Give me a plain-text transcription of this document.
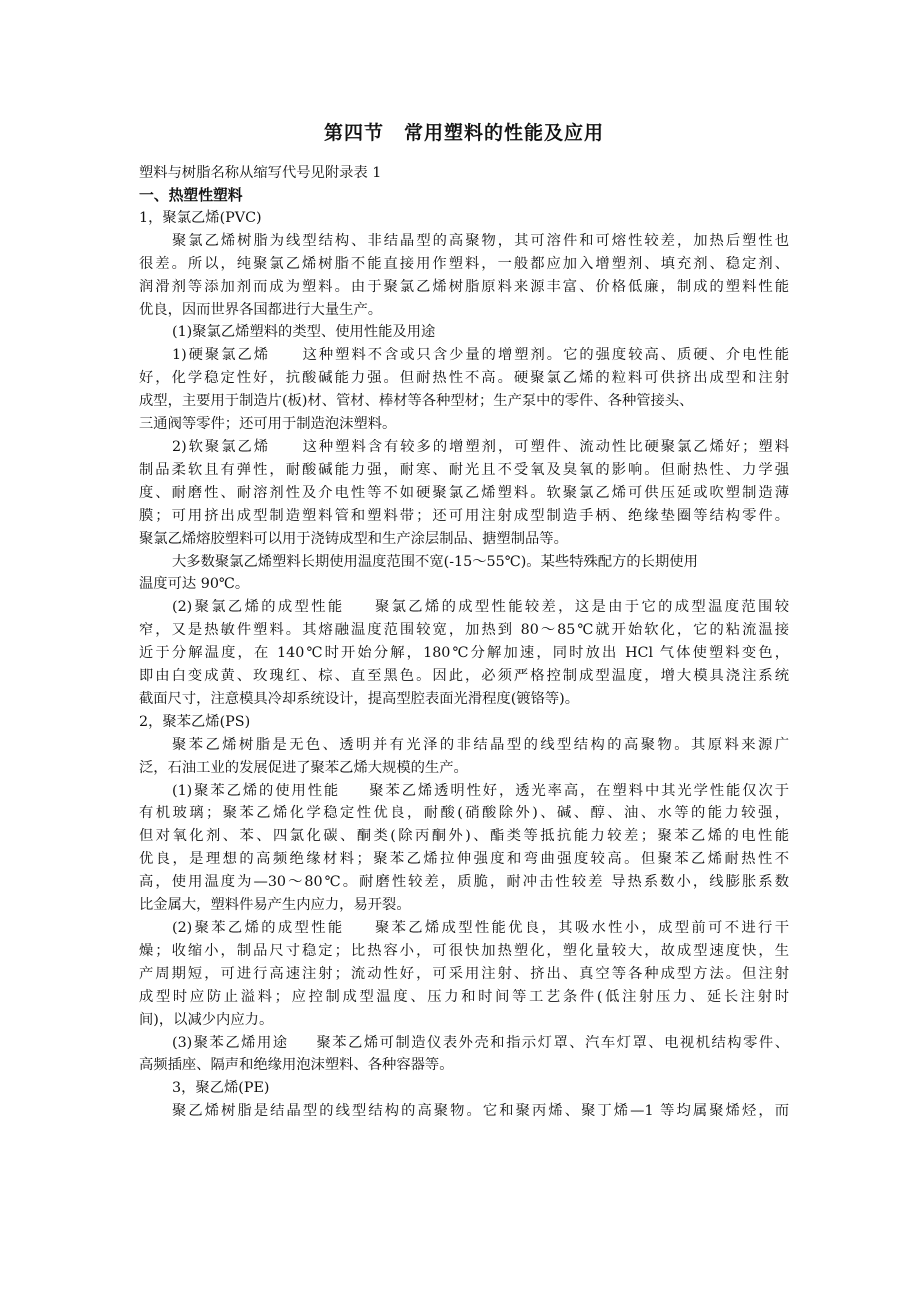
第四节　常用塑料的性能及应用

塑料与树脂名称从缩写代号见附录表 1

一、热塑性塑料

1，聚氯乙烯(PVC)

聚氯乙烯树脂为线型结构、非结晶型的高聚物，其可溶件和可熔性较差，加热后塑性也

很差。所以，纯聚氯乙烯树脂不能直接用作塑料，一般都应加入增塑剂、填充剂、稳定剂、

润滑剂等添加剂而成为塑料。由于聚氯乙烯树脂原料来源丰富、价格低廉，制成的塑料性能

优良，因而世界各国都进行大量生产。

(1)聚氯乙烯塑料的类型、使用性能及用途

1)硬聚氯乙烯　　这种塑料不含或只含少量的增塑剂。它的强度较高、质硬、介电性能

好，化学稳定性好，抗酸碱能力强。但耐热性不高。硬聚氯乙烯的粒料可供挤出成型和注射

成型，主要用于制造片(板)材、管材、棒材等各种型材；生产泵中的零件、各种管接头、

三通阀等零件；还可用于制造泡沫塑料。

2)软聚氯乙烯　　这种塑料含有较多的增塑剂，可塑件、流动性比硬聚氯乙烯好；塑料

制品柔软且有弹性，耐酸碱能力强，耐寒、耐光且不受氧及臭氧的影响。但耐热性、力学强

度、耐磨性、耐溶剂性及介电性等不如硬聚氯乙烯塑料。软聚氯乙烯可供压延或吹塑制造薄

膜；可用挤出成型制造塑料管和塑料带；还可用注射成型制造手柄、绝缘垫圈等结构零件。

聚氯乙烯熔胶塑料可以用于浇铸成型和生产涂层制品、搪塑制品等。

大多数聚氯乙烯塑料长期使用温度范围不宽(-15～55℃)。某些特殊配方的长期使用

温度可达 90℃。

(2)聚氯乙烯的成型性能　  聚氯乙烯的成型性能较差，这是由于它的成型温度范围较

窄，又是热敏件塑料。其熔融温度范围较宽，加热到 80～85℃就开始软化，它的粘流温接

近于分解温度，在 140℃时开始分解，180℃分解加速，同时放出 HCl 气体使塑料变色，

即由白变成黄、玫瑰红、棕、直至黑色。因此，必须严格控制成型温度，增大模具浇注系统

截面尺寸，注意模具冷却系统设计，提高型腔表面光滑程度(镀铬等)。

2，聚苯乙烯(PS)

聚苯乙烯树脂是无色、透明并有光泽的非结晶型的线型结构的高聚物。其原料来源广

泛，石油工业的发展促进了聚苯乙烯大规模的生产。

(1)聚苯乙烯的使用性能　  聚苯乙烯透明性好，透光率高，在塑料中其光学性能仅次于

有机玻璃；聚苯乙烯化学稳定性优良，耐酸(硝酸除外)、碱、醇、油、水等的能力较强，

但对氧化剂、苯、四氯化碳、酮类(除丙酮外)、酯类等抵抗能力较差；聚苯乙烯的电性能

优良，是理想的高频绝缘材料；聚苯乙烯拉伸强度和弯曲强度较高。但聚苯乙烯耐热性不

高，使用温度为—30～80℃。耐磨性较差，质脆，耐冲击性较差 导热系数小，线膨胀系数

比金属大，塑料件易产生内应力，易开裂。

(2)聚苯乙烯的成型性能　  聚苯乙烯成型性能优良，其吸水性小，成型前可不进行干

燥；收缩小，制品尺寸稳定；比热容小，可很快加热塑化，塑化量较大，故成型速度快，生

产周期短，可进行高速注射；流动性好，可采用注射、挤出、真空等各种成型方法。但注射

成型时应防止溢料；应控制成型温度、压力和时间等工艺条件(低注射压力、延长注射时

间)，以减少内应力。

(3)聚苯乙烯用途　  聚苯乙烯可制造仪表外壳和指示灯罩、汽车灯罩、电视机结构零件、

高频插座、隔声和绝缘用泡沫塑料、各种容器等。

3，聚乙烯(PE)

聚乙烯树脂是结晶型的线型结构的高聚物。它和聚丙烯、聚丁烯—1 等均属聚烯烃，而
